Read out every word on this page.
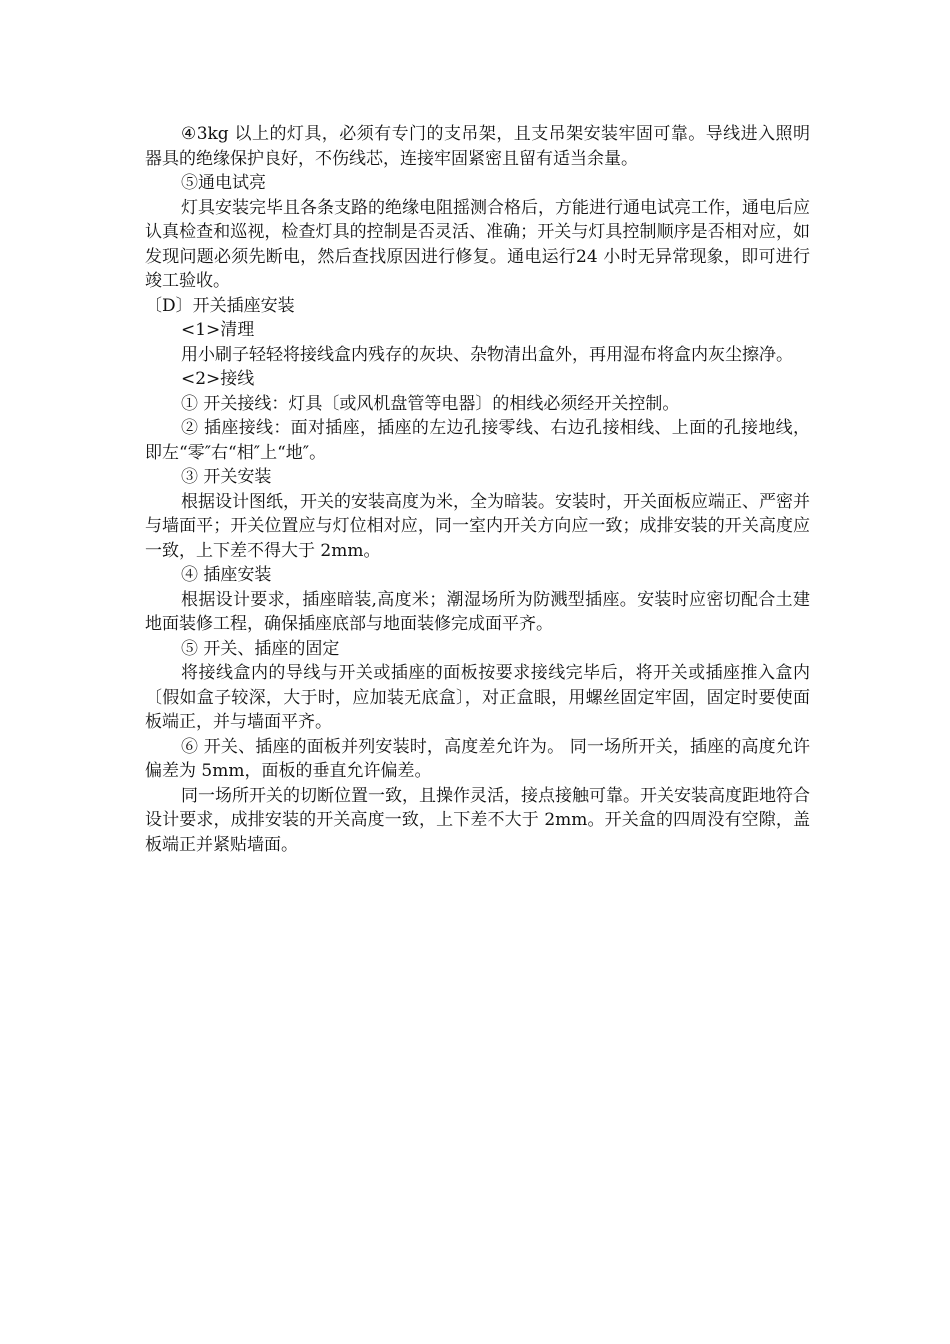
④3kg 以上的灯具，必须有专门的支吊架，且支吊架安装牢固可靠。导线进入照明器具的绝缘保护良好，不伤线芯，连接牢固紧密且留有适当余量。

⑤通电试亮

灯具安装完毕且各条支路的绝缘电阻摇测合格后，方能进行通电试亮工作，通电后应认真检查和巡视，检查灯具的控制是否灵活、准确；开关与灯具控制顺序是否相对应，如发现问题必须先断电，然后查找原因进行修复。通电运行24 小时无异常现象，即可进行竣工验收。

〔D〕开关插座安装

<1>清理

用小刷子轻轻将接线盒内残存的灰块、杂物清出盒外，再用湿布将盒内灰尘擦净。

<2>接线

① 开关接线：灯具〔或风机盘管等电器〕的相线必须经开关控制。

② 插座接线：面对插座，插座的左边孔接零线、右边孔接相线、上面的孔接地线，即左“零″右“相″上“地″。

③ 开关安装

根据设计图纸，开关的安装高度为米，全为暗装。安装时，开关面板应端正、严密并与墙面平；开关位置应与灯位相对应，同一室内开关方向应一致；成排安装的开关高度应一致，上下差不得大于 2mm。

④ 插座安装

根据设计要求，插座暗装,高度米；潮湿场所为防溅型插座。安装时应密切配合土建地面装修工程，确保插座底部与地面装修完成面平齐。

⑤ 开关、插座的固定

将接线盒内的导线与开关或插座的面板按要求接线完毕后，将开关或插座推入盒内〔假如盒子较深，大于时，应加装无底盒〕，对正盒眼，用螺丝固定牢固，固定时要使面板端正，并与墙面平齐。

⑥ 开关、插座的面板并列安装时，高度差允许为。 同一场所开关，插座的高度允许偏差为 5mm，面板的垂直允许偏差。

同一场所开关的切断位置一致，且操作灵活，接点接触可靠。开关安装高度距地符合设计要求，成排安装的开关高度一致，上下差不大于 2mm。开关盒的四周没有空隙，盖板端正并紧贴墙面。
